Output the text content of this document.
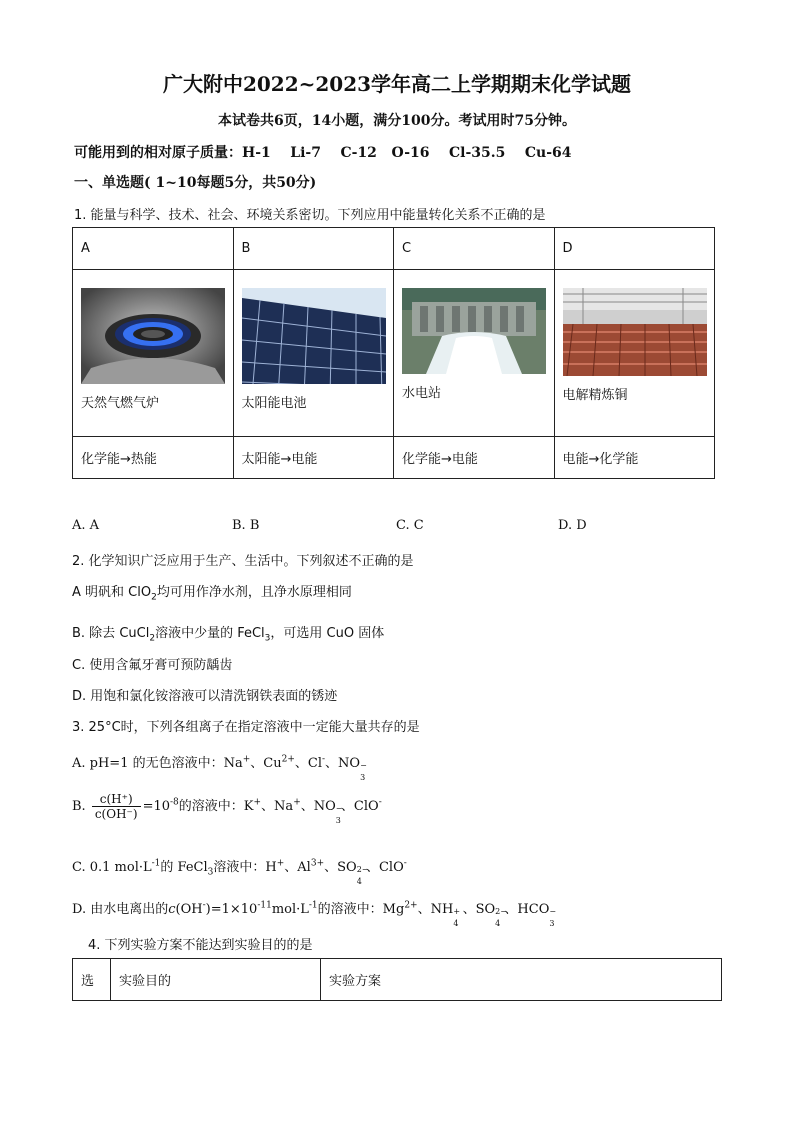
广大附中2022~2023学年高二上学期期末化学试题
本试卷共6页，14小题，满分100分。考试用时75分钟。
可能用到的相对原子质量：H-1    Li-7    C-12   O-16    Cl-35.5    Cu-64
一、单选题( 1~10每题5分，共50分)
1. 能量与科学、技术、社会、环境关系密切。下列应用中能量转化关系不正确的是
A	B	C	D

天然气燃气炉	太阳能电池	水电站	电解精炼铜

化学能→热能	太阳能→电能	化学能→电能	电能→化学能
A. A	B. B	C. C	D. D
2. 化学知识广泛应用于生产、生活中。下列叙述不正确的是
A 明矾和 ClO$_2$均可用作净水剂，且净水原理相同
B. 除去 CuCl$_2$溶液中少量的 FeCl$_3$，可选用 CuO 固体
C. 使用含氟牙膏可预防龋齿
D. 用饱和氯化铵溶液可以清洗钢铁表面的锈迹
3. 25°C时，下列各组离子在指定溶液中一定能大量共存的是
A. pH=1 的无色溶液中：Na+、$Cu^{2+}$、Cl-、NO −
3
B. $\frac{c(H^+)}{c(OH^-)} =10^{-8}$的溶液中：K+、Na+、NO −
3
、ClO-
C. 0.1 $mol\cdot L^{-1}$的 FeCl$_3$溶液中：H+、$Al^{3+}$、SO 2−
4
、ClO-
D. 由水电离出的$c(OH^-)=1\times 10^{-11}mol\cdot L^{-1}$的溶液中：$Mg^{2+}$、NH +
4
、SO 2−
4
、HCO −
3
4. 下列实验方案不能达到实验目的的是
选	实验目的	实验方案
